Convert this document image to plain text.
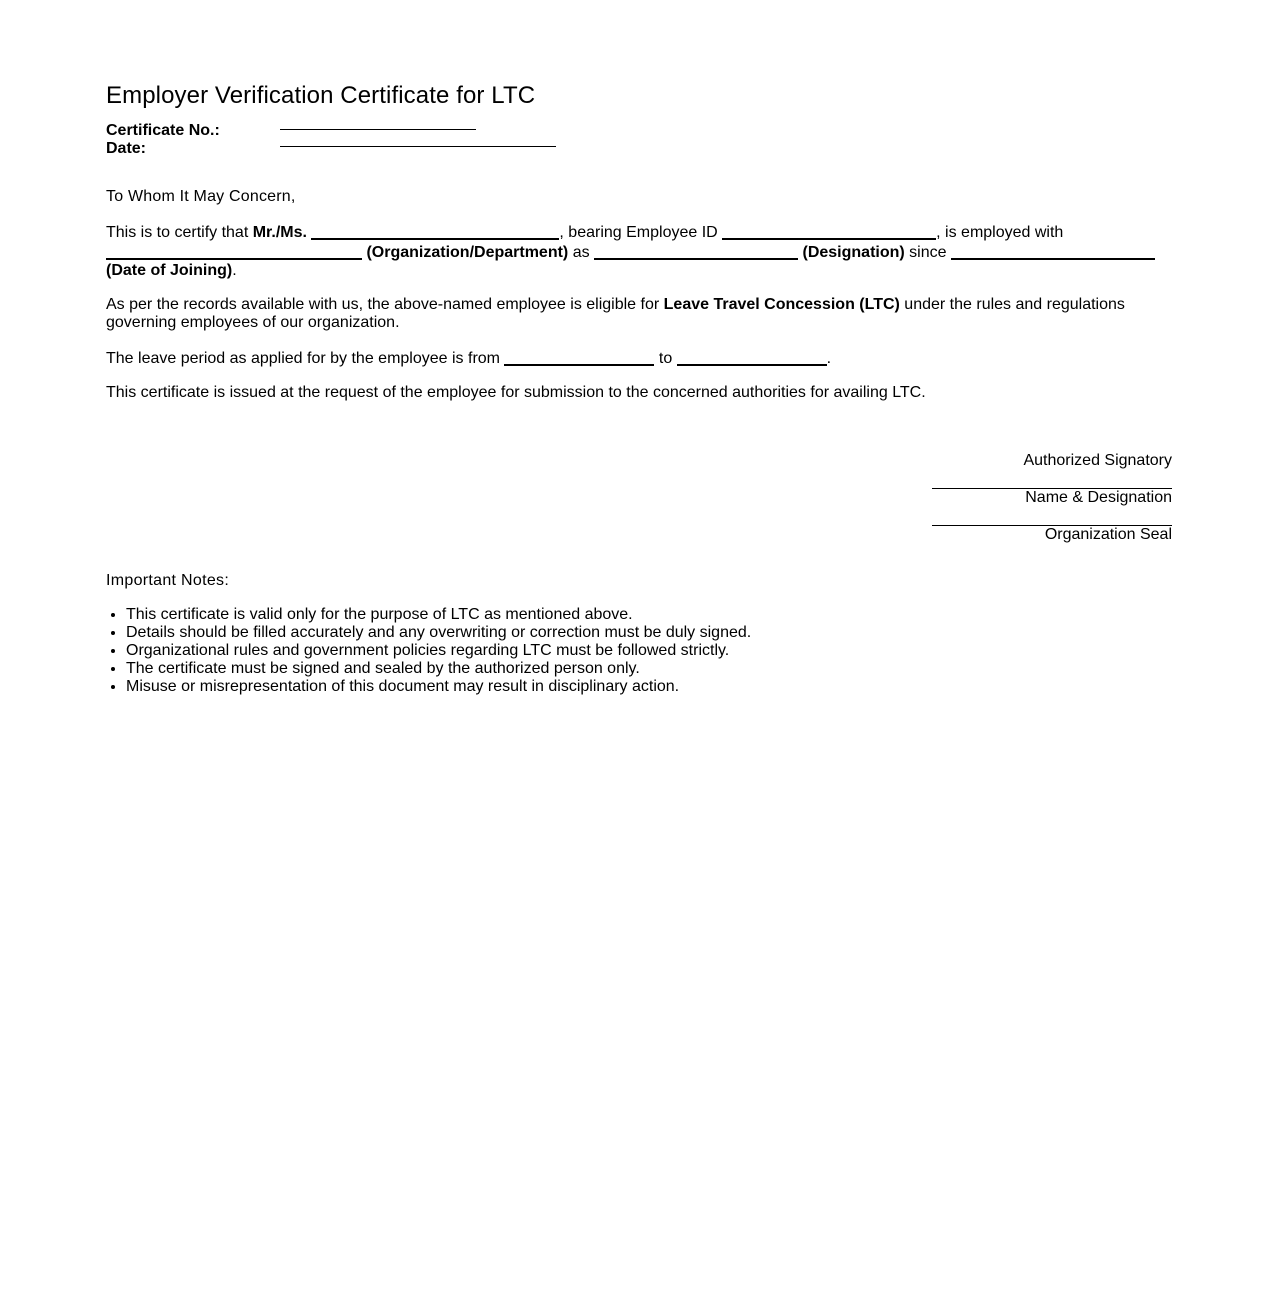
Employer Verification Certificate for LTC
Certificate No.:
Date:

To Whom It May Concern,

This is to certify that Mr./Ms.	, bearing Employee ID	, is employed with
(Organization/Department) as	(Designation) since
(Date of Joining).

As per the records available with us, the above-named employee is eligible for Leave Travel Concession (LTC) under the rules and regulations governing employees of our organization.

The leave period as applied for by the employee is from	to	.

This certificate is issued at the request of the employee for submission to the concerned authorities for availing LTC.

Authorized Signatory
Name & Designation
Organization Seal

Important Notes:

• This certificate is valid only for the purpose of LTC as mentioned above.
• Details should be filled accurately and any overwriting or correction must be duly signed.
• Organizational rules and government policies regarding LTC must be followed strictly.
• The certificate must be signed and sealed by the authorized person only.
• Misuse or misrepresentation of this document may result in disciplinary action.
